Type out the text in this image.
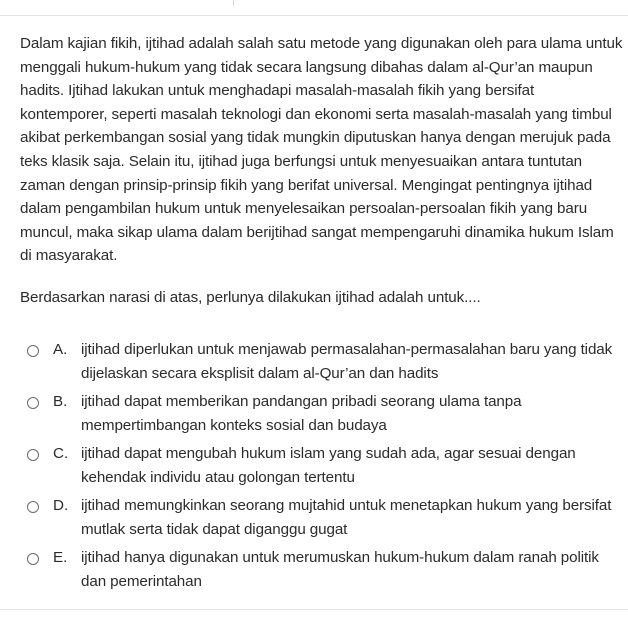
Dalam kajian fikih, ijtihad adalah salah satu metode yang digunakan oleh para ulama untuk menggali hukum-hukum yang tidak secara langsung dibahas dalam al-Qur’an maupun hadits. Ijtihad lakukan untuk menghadapi masalah-masalah fikih yang bersifat kontemporer, seperti masalah teknologi dan ekonomi serta masalah-masalah yang timbul akibat perkembangan sosial yang tidak mungkin diputuskan hanya dengan merujuk pada teks klasik saja. Selain itu, ijtihad juga berfungsi untuk menyesuaikan antara tuntutan zaman dengan prinsip-prinsip fikih yang berifat universal. Mengingat pentingnya ijtihad dalam pengambilan hukum untuk menyelesaikan persoalan-persoalan fikih yang baru muncul, maka sikap ulama dalam berijtihad sangat mempengaruhi dinamika hukum Islam di masyarakat.

Berdasarkan narasi di atas, perlunya dilakukan ijtihad adalah untuk....

A. ijtihad diperlukan untuk menjawab permasalahan-permasalahan baru yang tidak dijelaskan secara eksplisit dalam al-Qur’an dan hadits
B. ijtihad dapat memberikan pandangan pribadi seorang ulama tanpa mempertimbangan konteks sosial dan budaya
C. ijtihad dapat mengubah hukum islam yang sudah ada, agar sesuai dengan kehendak individu atau golongan tertentu
D. ijtihad memungkinkan seorang mujtahid untuk menetapkan hukum yang bersifat mutlak serta tidak dapat diganggu gugat
E. ijtihad hanya digunakan untuk merumuskan hukum-hukum dalam ranah politik dan pemerintahan
